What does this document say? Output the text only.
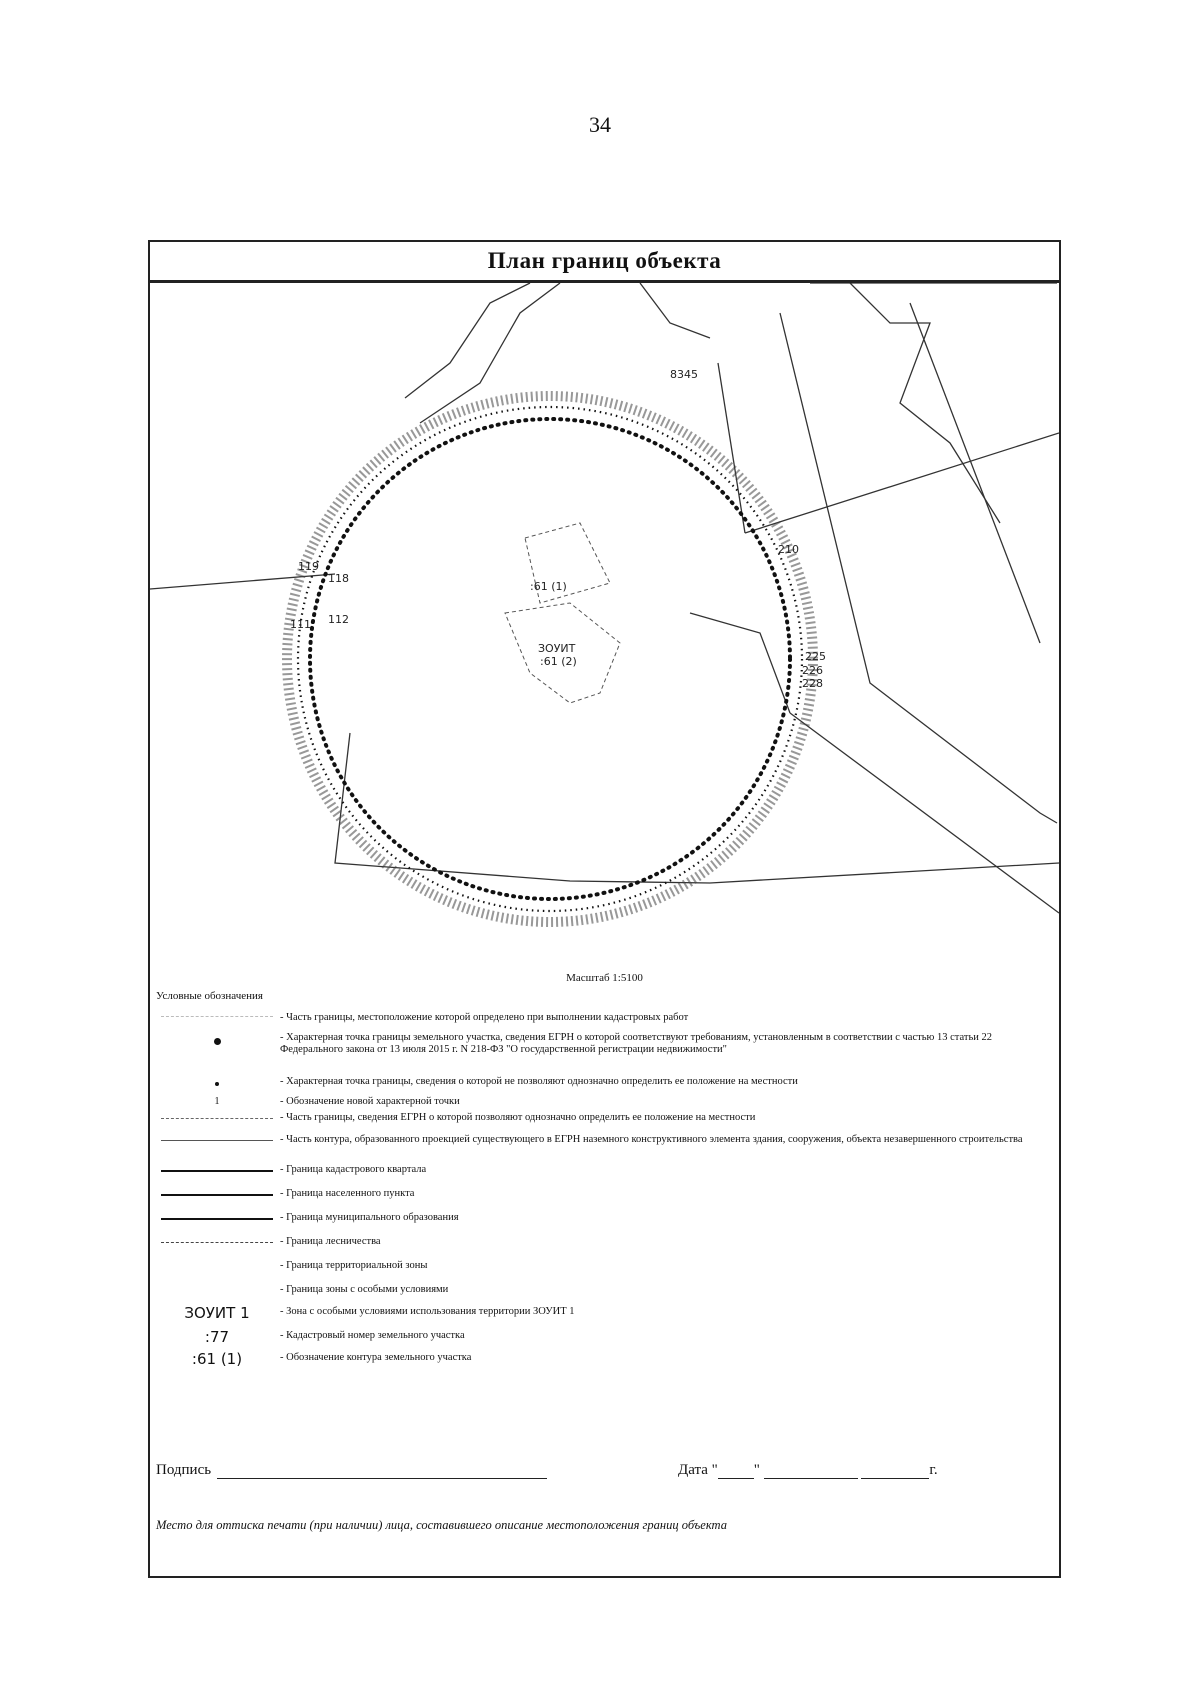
34
План границ объекта
:61 (1)
ЗОУИТ
:61 (2)
111 112
118
119
8345
225
226
228
210
Масштаб 1:5100
Условные обозначения
- Часть границы, местоположение которой определено при выполнении кадастровых работ
- Характерная точка границы земельного участка, сведения ЕГРН о которой соответствуют требованиям, установленным в соответствии с частью 13 статьи 22 Федерального закона от 13 июля 2015 г. N 218-ФЗ "О государственной регистрации недвижимости"
- Характерная точка границы, сведения о которой не позволяют однозначно определить ее положение на местности
1	- Обозначение новой характерной точки
- Часть границы, сведения ЕГРН о которой позволяют однозначно определить ее положение на местности
- Часть контура, образованного проекцией существующего в ЕГРН наземного конструктивного элемента здания, сооружения, объекта незавершенного строительства
- Граница кадастрового квартала
- Граница населенного пункта
- Граница муниципального образования
- Граница лесничества
- Граница территориальной зоны
- Граница зоны с особыми условиями
ЗОУИТ 1	- Зона с особыми условиями использования территории ЗОУИТ 1
:77	- Кадастровый номер земельного участка
:61 (1)	- Обозначение контура земельного участка
Подпись	Дата " "	г.
Место для оттиска печати (при наличии) лица, составившего описание местоположения границ объекта
